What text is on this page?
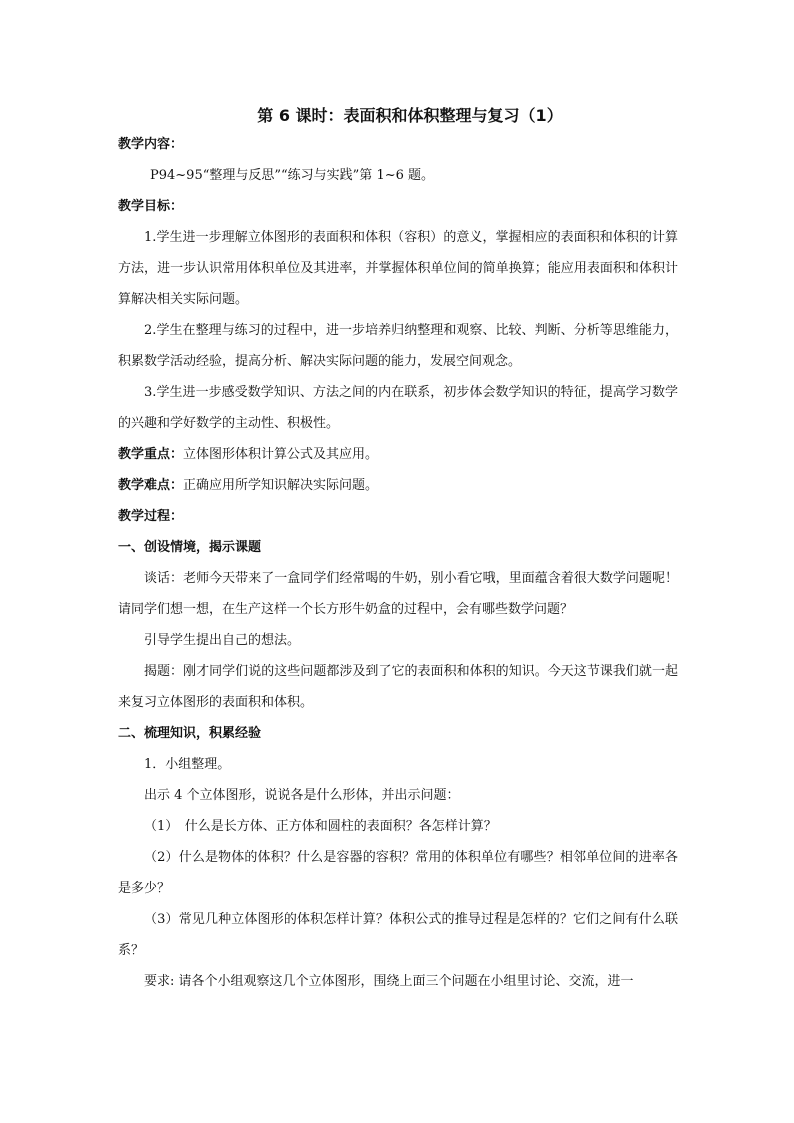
第 6 课时：表面积和体积整理与复习（1）
教学内容：
P94~95“整理与反思”“练习与实践”第 1~6 题。
教学目标：
1.学生进一步理解立体图形的表面积和体积（容积）的意义，掌握相应的表面积和体积的计算方法，进一步认识常用体积单位及其进率，并掌握体积单位间的简单换算；能应用表面积和体积计算解决相关实际问题。
2.学生在整理与练习的过程中，进一步培养归纳整理和观察、比较、判断、分析等思维能力，积累数学活动经验，提高分析、解决实际问题的能力，发展空间观念。
3.学生进一步感受数学知识、方法之间的内在联系，初步体会数学知识的特征，提高学习数学的兴趣和学好数学的主动性、积极性。
教学重点：立体图形体积计算公式及其应用。
教学难点：正确应用所学知识解决实际问题。
教学过程：
一、创设情境，揭示课题
谈话：老师今天带来了一盒同学们经常喝的牛奶，别小看它哦，里面蕴含着很大数学问题呢！请同学们想一想，在生产这样一个长方形牛奶盒的过程中，会有哪些数学问题？
引导学生提出自己的想法。
揭题：刚才同学们说的这些问题都涉及到了它的表面积和体积的知识。今天这节课我们就一起来复习立体图形的表面积和体积。
二、梳理知识，积累经验
1．小组整理。
出示 4 个立体图形，说说各是什么形体，并出示问题：
（1）　什么是长方体、正方体和圆柱的表面积？各怎样计算？
（2）什么是物体的体积？什么是容器的容积？常用的体积单位有哪些？相邻单位间的进率各是多少？
（3）常见几种立体图形的体积怎样计算？体积公式的推导过程是怎样的？它们之间有什么联系？
要求: 请各个小组观察这几个立体图形，围绕上面三个问题在小组里讨论、交流，进一
